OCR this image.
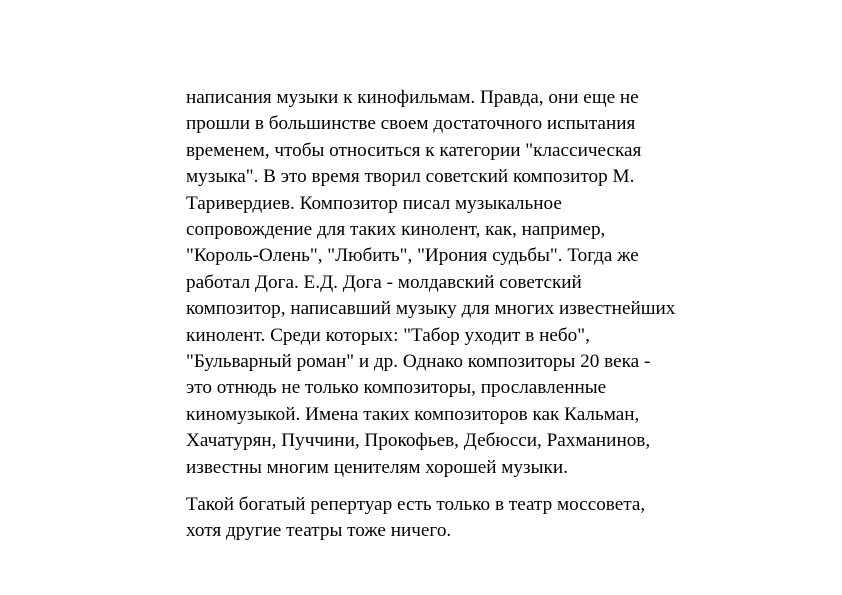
написания музыки к кинофильмам. Правда, они еще не
прошли в большинстве своем достаточного испытания
временем, чтобы относиться к категории "классическая
музыка". В это время творил советский композитор М.
Таривердиев. Композитор писал музыкальное
сопровождение для таких кинолент, как, например,
"Король-Олень", "Любить", "Ирония судьбы". Тогда же
работал Дога. Е.Д. Дога - молдавский советский
композитор, написавший музыку для многих известнейших
кинолент. Среди которых: "Табор уходит в небо",
"Бульварный роман" и др. Однако композиторы 20 века -
это отнюдь не только композиторы, прославленные
киномузыкой. Имена таких композиторов как Кальман,
Хачатурян, Пуччини, Прокофьев, Дебюсси, Рахманинов,
известны многим ценителям хорошей музыки.

Такой богатый репертуар есть только в театр моссовета,
хотя другие театры тоже ничего.
